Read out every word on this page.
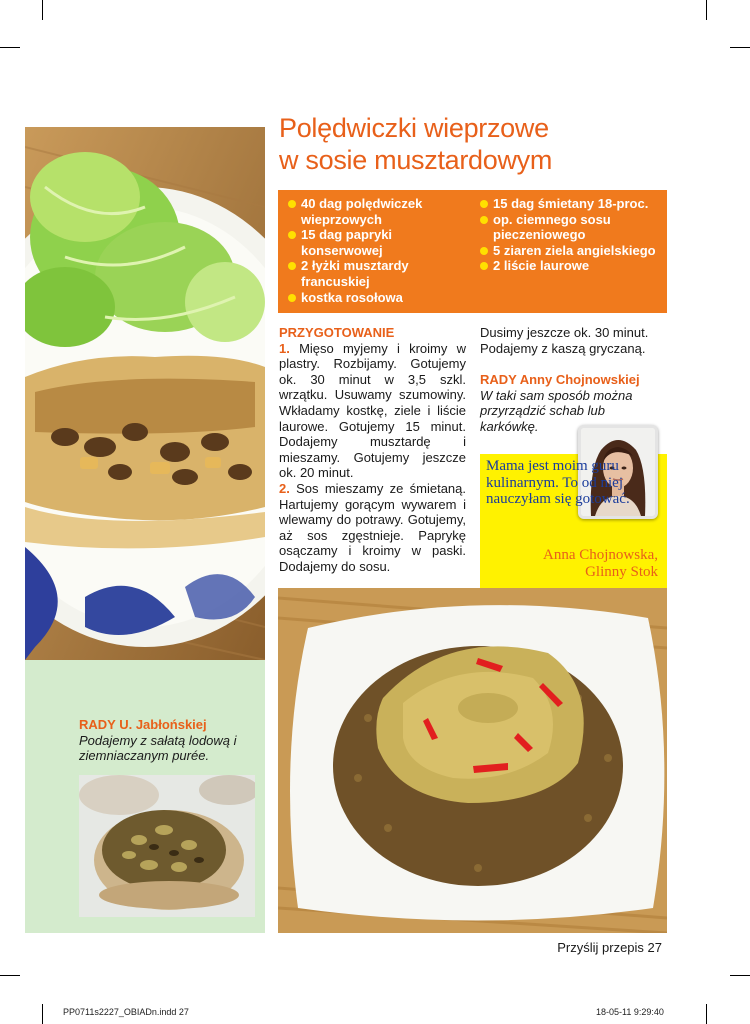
RADY U. Jabłońskiej

Podajemy z sałatą lodową i ziemniaczanym purée.

Polędwiczki wieprzowe
w sosie musztardowym
40 dag polędwiczek wieprzowych
15 dag papryki konserwowej
2 łyżki musztardy francuskiej
kostka rosołowa
15 dag śmietany 18-proc.
op. ciemnego sosu pieczeniowego
5 ziaren ziela angielskiego
2 liście laurowe

PRZYGOTOWANIE

1. Mięso myjemy i kroimy w plastry. Rozbijamy. Gotujemy ok. 30 minut w 3,5 szkl. wrzątku. Usuwamy szumowiny. Wkładamy kostkę, ziele i liście laurowe. Gotujemy 15 minut. Dodajemy musztardę i mieszamy. Gotujemy jeszcze ok. 20 minut.

2. Sos mieszamy ze śmietaną. Hartujemy gorącym wywarem i wlewamy do potrawy. Gotujemy, aż sos zgęstnieje. Paprykę osączamy i kroimy w paski. Dodajemy do sosu.

Dusimy jeszcze ok. 30 minut. Podajemy z kaszą gryczaną.

RADY Anny Chojnowskiej

W taki sam sposób można przyrządzić schab lub karkówkę.

Mama jest moim guru kulinarnym. To od niej nauczyłam się gotować.
Anna Chojnowska,
Glinny Stok
Przyślij przepis 27
PP0711s2227_OBIADn.indd 27	18-05-11 9:29:40
